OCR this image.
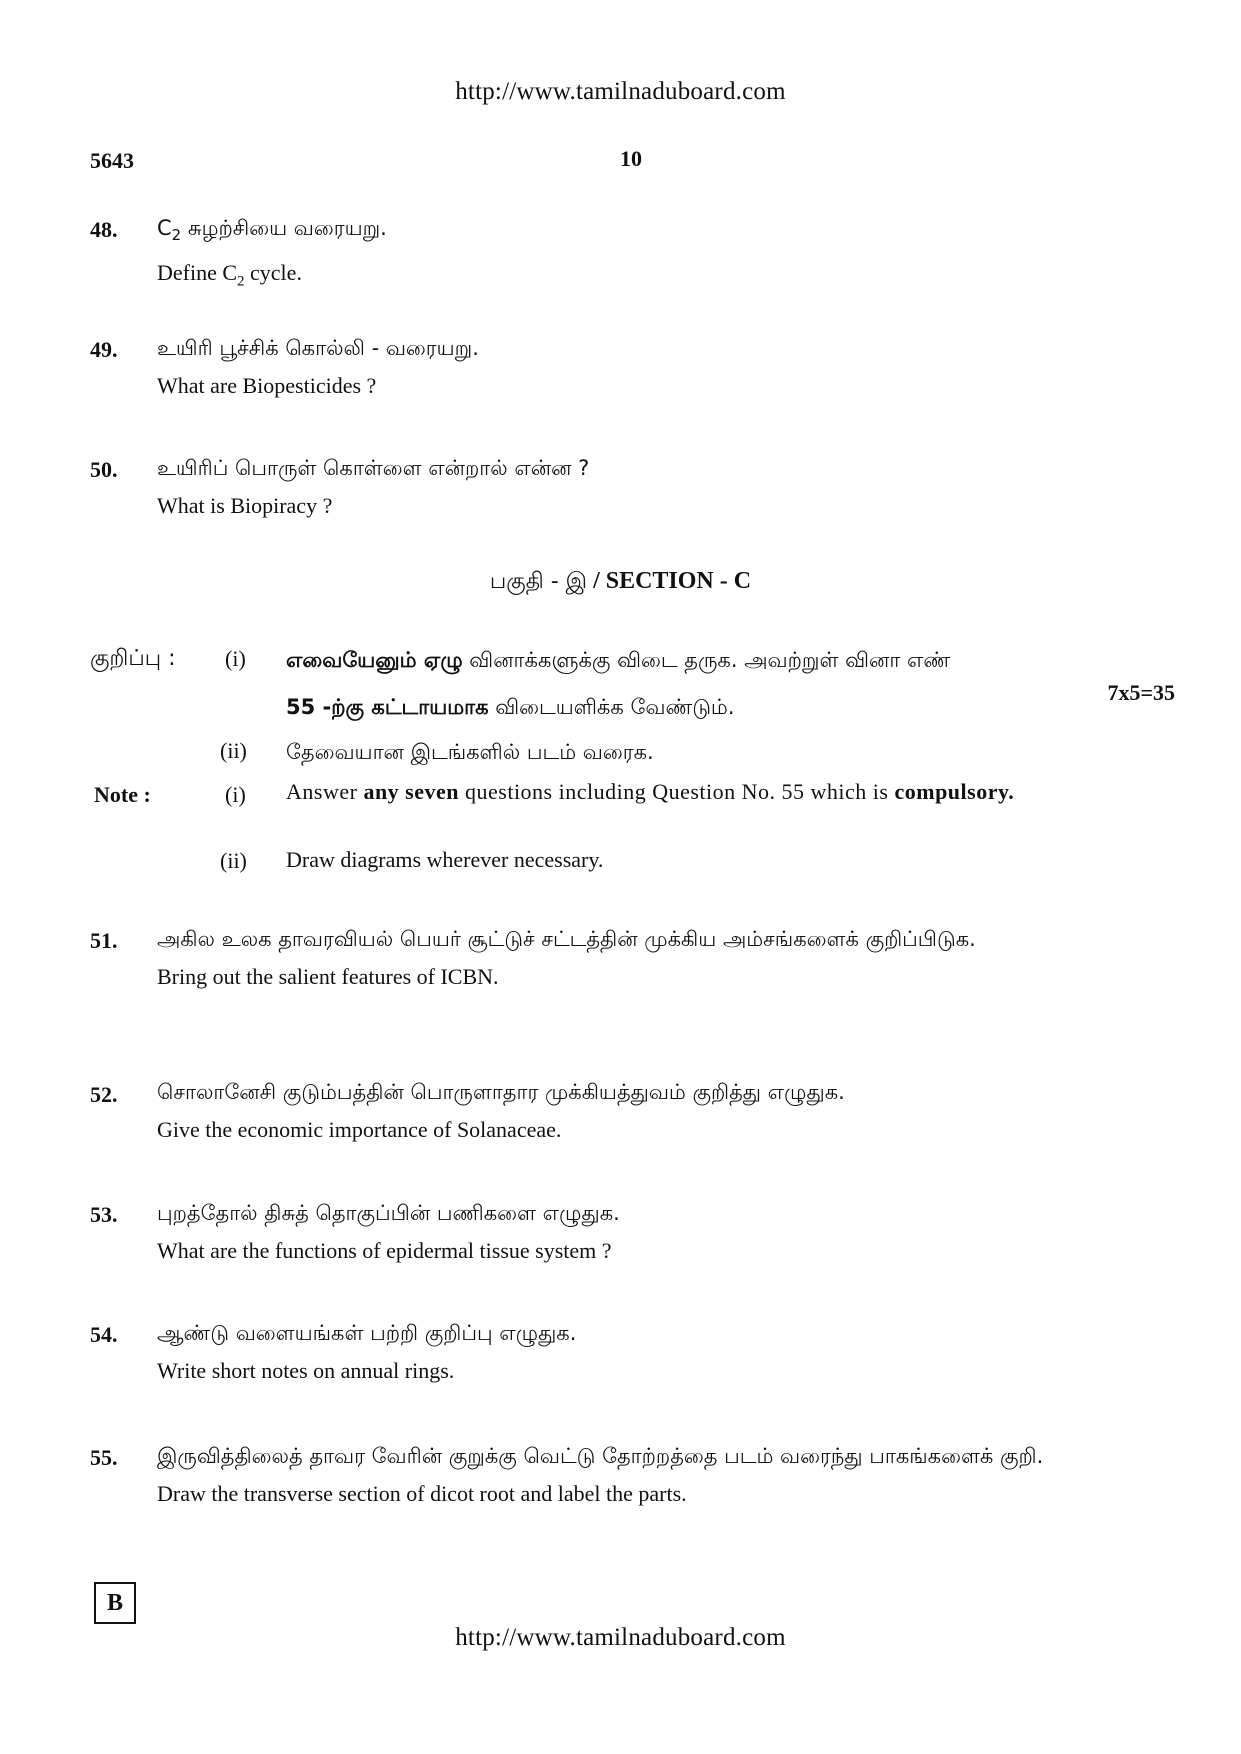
http://www.tamilnaduboard.com
5643	10
48. $C_2$ சுழற்சியை வரையறு.
Define $C_2$ cycle.
49. உயிரி பூச்சிக் கொல்லி - வரையறு.
What are Biopesticides ?
50. உயிரிப் பொருள் கொள்ளை என்றால் என்ன ?
What is Biopiracy ?
பகுதி - இ / SECTION - C
குறிப்பு : (i) எவையேனும் ஏழு வினாக்களுக்கு விடை தருக. அவற்றுள் வினா எண்
55 -ற்கு கட்டாயமாக விடையளிக்க வேண்டும்.
7x5=35
(ii) தேவையான இடங்களில் படம் வரைக.
Note :	(i) Answer any seven questions including Question No. 55 which is compulsory.
(ii) Draw diagrams wherever necessary.
51. அகில உலக தாவரவியல் பெயர் சூட்டுச் சட்டத்தின் முக்கிய அம்சங்களைக் குறிப்பிடுக.
Bring out the salient features of ICBN.
52. சொலானேசி குடும்பத்தின் பொருளாதார முக்கியத்துவம் குறித்து எழுதுக.
Give the economic importance of Solanaceae.
53. புறத்தோல் திசுத் தொகுப்பின் பணிகளை எழுதுக.
What are the functions of epidermal tissue system ?
54. ஆண்டு வளையங்கள் பற்றி குறிப்பு எழுதுக.
Write short notes on annual rings.
55. இருவித்திலைத் தாவர வேரின் குறுக்கு வெட்டு தோற்றத்தை படம் வரைந்து பாகங்களைக் குறி.
Draw the transverse section of dicot root and label the parts.
B
http://www.tamilnaduboard.com
